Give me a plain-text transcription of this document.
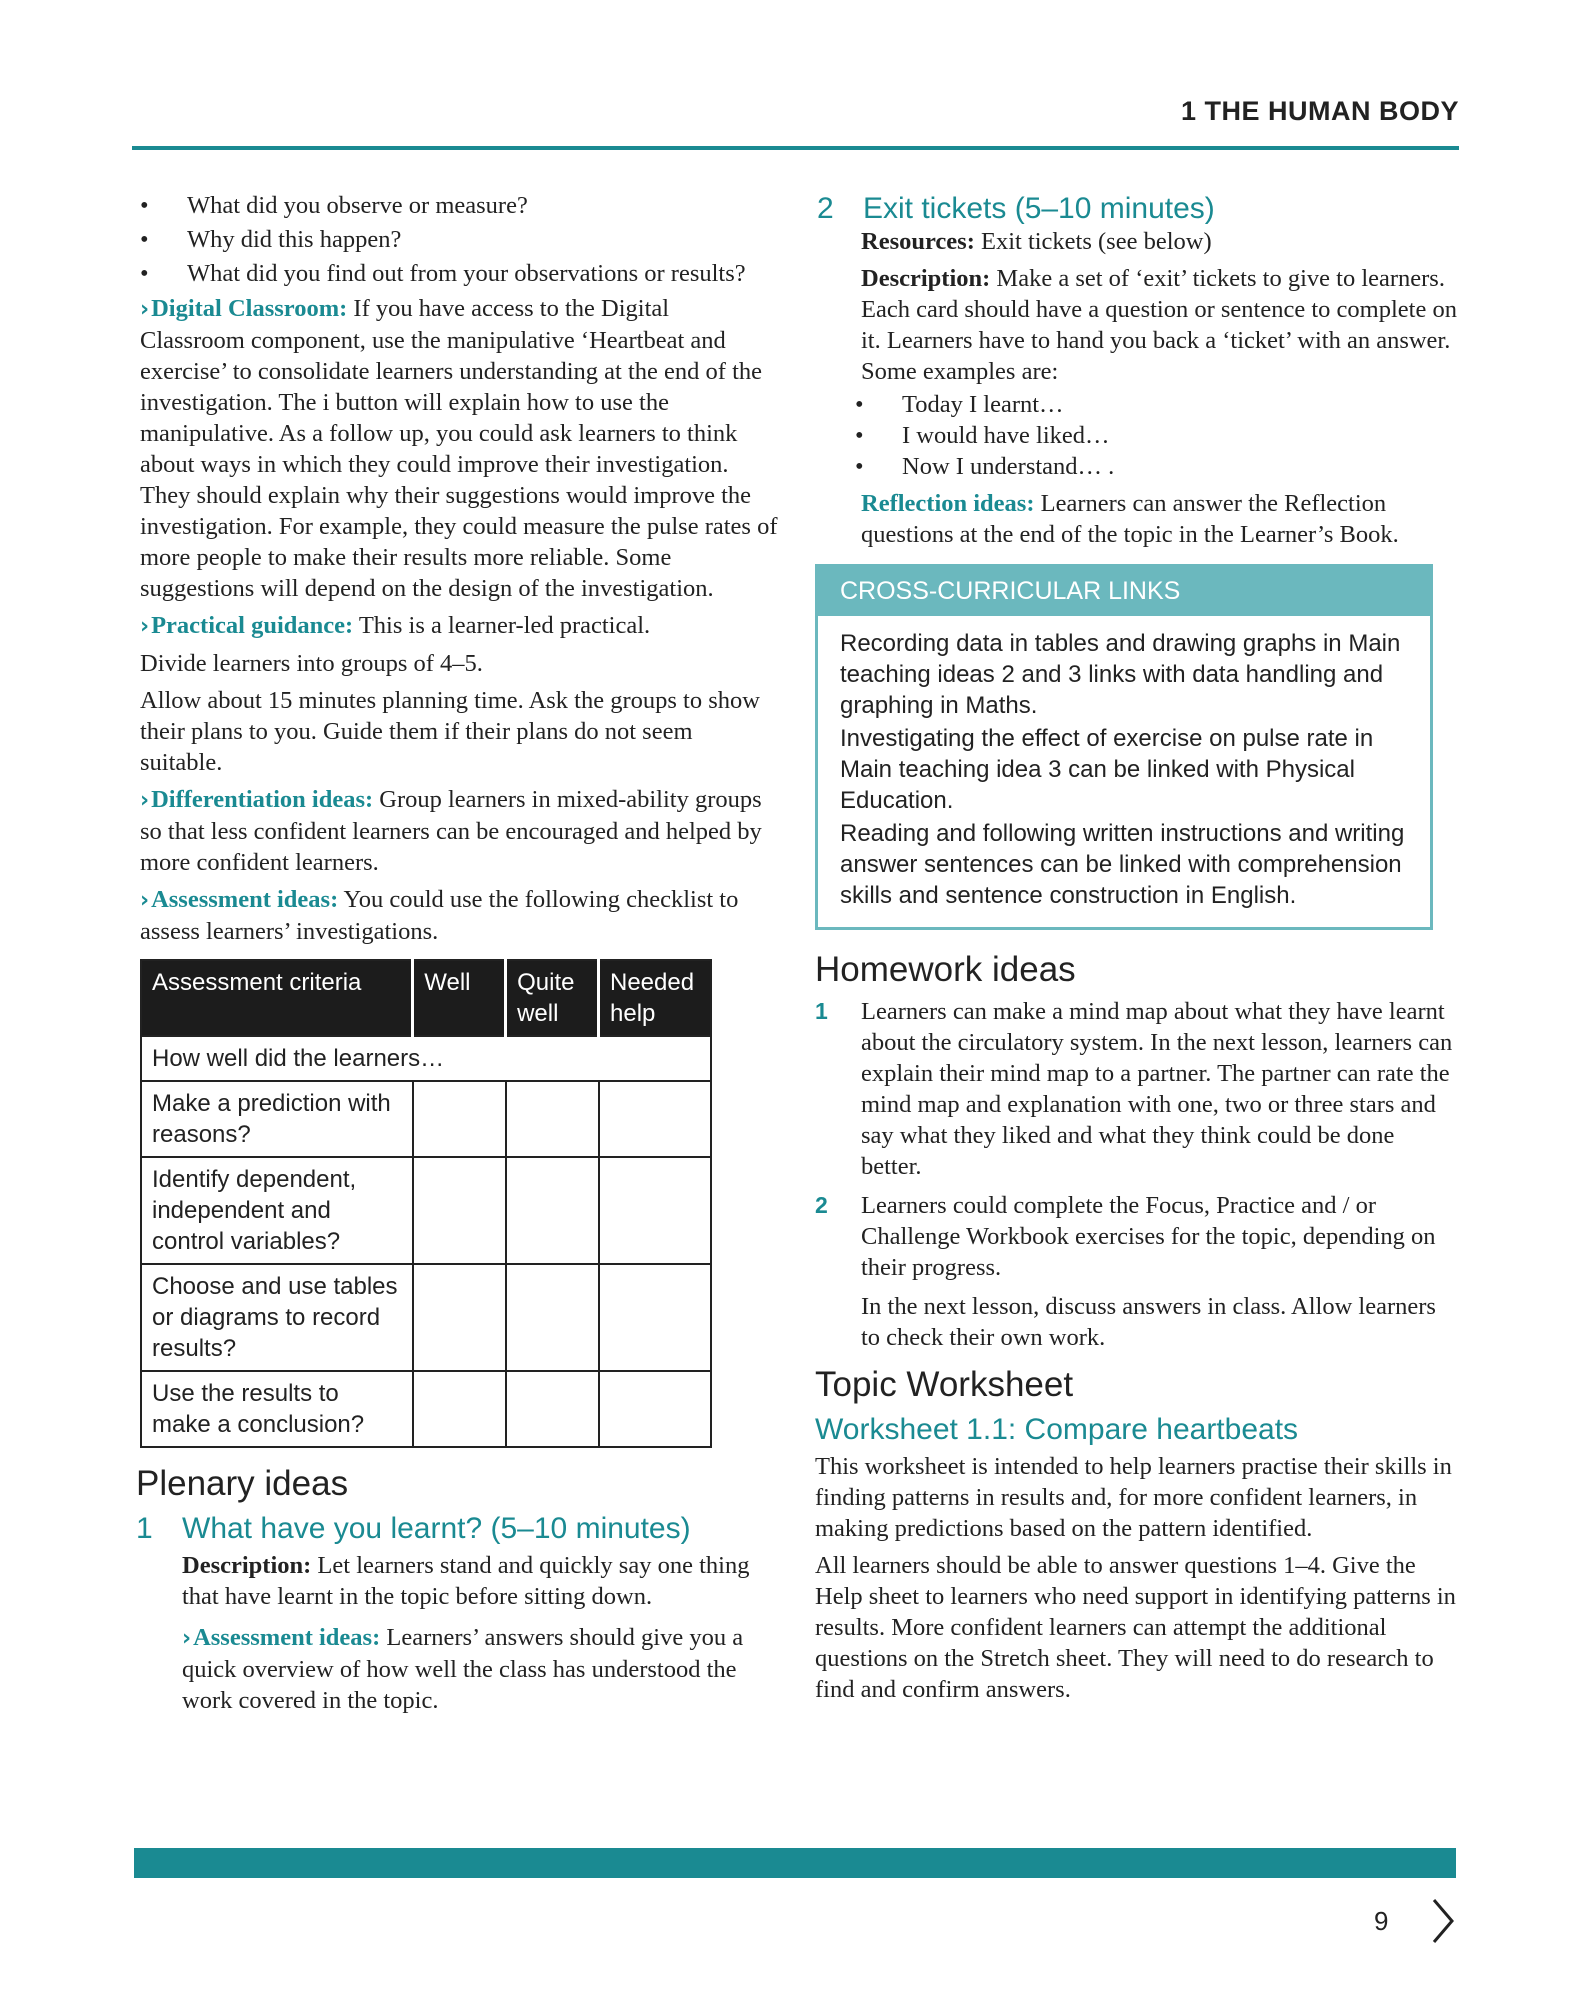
1 THE HUMAN BODY
• What did you observe or measure?
• Why did this happen?
• What did you find out from your observations or results?

›Digital Classroom: If you have access to the Digital Classroom component, use the manipulative ‘Heartbeat and exercise’ to consolidate learners understanding at the end of the investigation. The i button will explain how to use the manipulative. As a follow up, you could ask learners to think about ways in which they could improve their investigation. They should explain why their suggestions would improve the investigation. For example, they could measure the pulse rates of more people to make their results more reliable. Some suggestions will depend on the design of the investigation.

›Practical guidance: This is a learner-led practical.

Divide learners into groups of 4–5.

Allow about 15 minutes planning time. Ask the groups to show their plans to you. Guide them if their plans do not seem suitable.

›Differentiation ideas: Group learners in mixed-ability groups so that less confident learners can be encouraged and helped by more confident learners.

›Assessment ideas: You could use the following checklist to assess learners’ investigations.

Assessment criteria	Well	Quite well	Needed help
How well did the learners…			
Make a prediction with reasons?			
Identify dependent, independent and control variables?			
Choose and use tables or diagrams to record results?			
Use the results to make a conclusion?			
Plenary ideas
1 What have you learnt? (5–10 minutes)

Description: Let learners stand and quickly say one thing that have learnt in the topic before sitting down.

›Assessment ideas: Learners’ answers should give you a quick overview of how well the class has understood the work covered in the topic.

2 Exit tickets (5–10 minutes)

Resources: Exit tickets (see below)

Description: Make a set of ‘exit’ tickets to give to learners. Each card should have a question or sentence to complete on it. Learners have to hand you back a ‘ticket’ with an answer. Some examples are:

• Today I learnt…
• I would have liked…
• Now I understand… .

Reflection ideas: Learners can answer the Reflection questions at the end of the topic in the Learner’s Book.

CROSS-CURRICULAR LINKS

Recording data in tables and drawing graphs in Main teaching ideas 2 and 3 links with data handling and graphing in Maths.

Investigating the effect of exercise on pulse rate in Main teaching idea 3 can be linked with Physical Education.

Reading and following written instructions and writing answer sentences can be linked with comprehension skills and sentence construction in English.

Homework ideas
1 Learners can make a mind map about what they have learnt about the circulatory system. In the next lesson, learners can explain their mind map to a partner. The partner can rate the mind map and explanation with one, two or three stars and say what they liked and what they think could be done better.
2 Learners could complete the Focus, Practice and / or Challenge Workbook exercises for the topic, depending on their progress.

In the next lesson, discuss answers in class. Allow learners to check their own work.

Topic Worksheet
Worksheet 1.1: Compare heartbeats

This worksheet is intended to help learners practise their skills in finding patterns in results and, for more confident learners, in making predictions based on the pattern identified.

All learners should be able to answer questions 1–4. Give the Help sheet to learners who need support in identifying patterns in results. More confident learners can attempt the additional questions on the Stretch sheet. They will need to do research to find and confirm answers.

9
